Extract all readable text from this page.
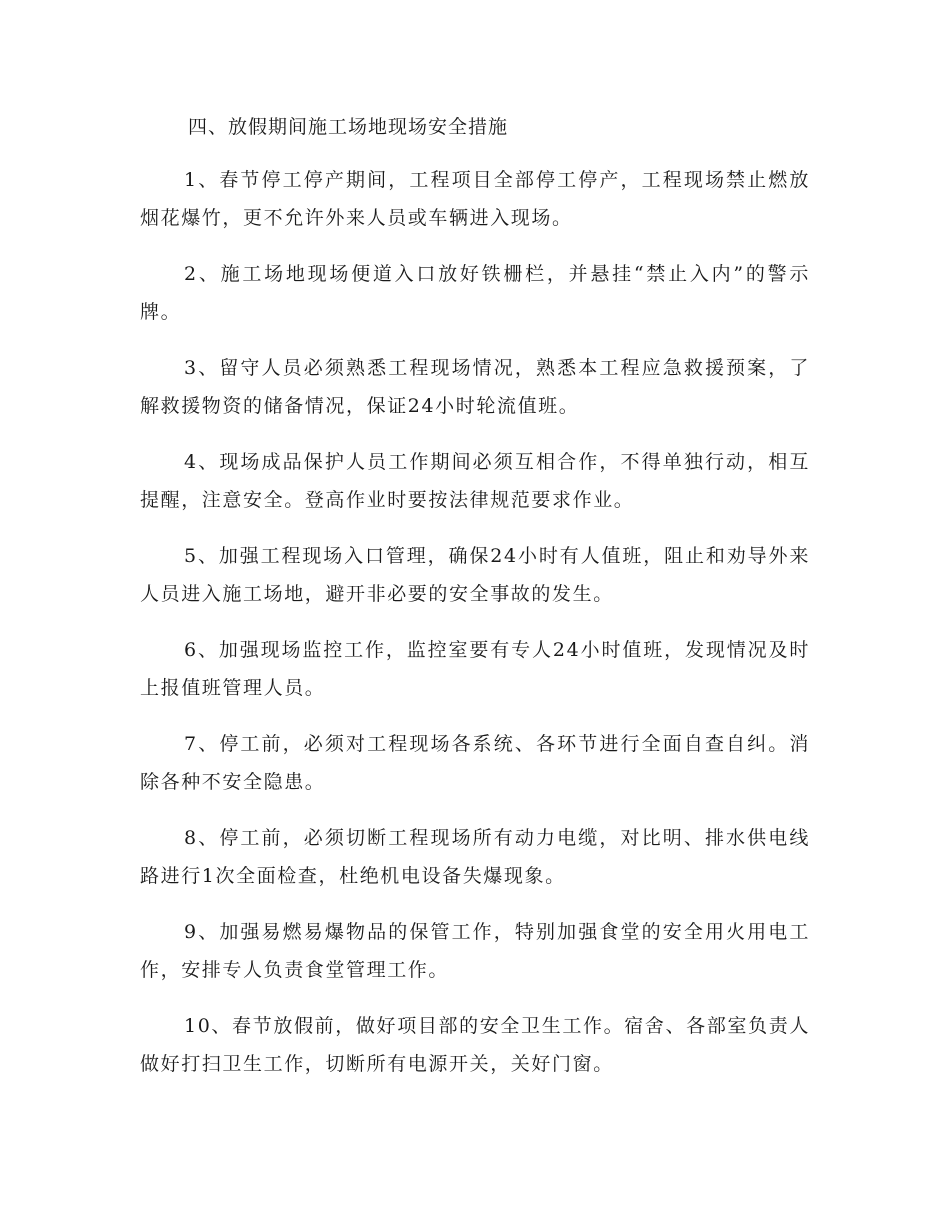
四、放假期间施工场地现场安全措施

1、春节停工停产期间，工程项目全部停工停产，工程现场禁止燃放烟花爆竹，更不允许外来人员或车辆进入现场。

2、施工场地现场便道入口放好铁栅栏，并悬挂“禁止入内”的警示牌。

3、留守人员必须熟悉工程现场情况，熟悉本工程应急救援预案，了解救援物资的储备情况，保证24小时轮流值班。

4、现场成品保护人员工作期间必须互相合作，不得单独行动，相互提醒，注意安全。登高作业时要按法律规范要求作业。

5、加强工程现场入口管理，确保24小时有人值班，阻止和劝导外来人员进入施工场地，避开非必要的安全事故的发生。

6、加强现场监控工作，监控室要有专人24小时值班，发现情况及时上报值班管理人员。

7、停工前，必须对工程现场各系统、各环节进行全面自查自纠。消除各种不安全隐患。

8、停工前，必须切断工程现场所有动力电缆，对比明、排水供电线路进行1次全面检查，杜绝机电设备失爆现象。

9、加强易燃易爆物品的保管工作，特别加强食堂的安全用火用电工作，安排专人负责食堂管理工作。

10、春节放假前，做好项目部的安全卫生工作。宿舍、各部室负责人做好打扫卫生工作，切断所有电源开关，关好门窗。
